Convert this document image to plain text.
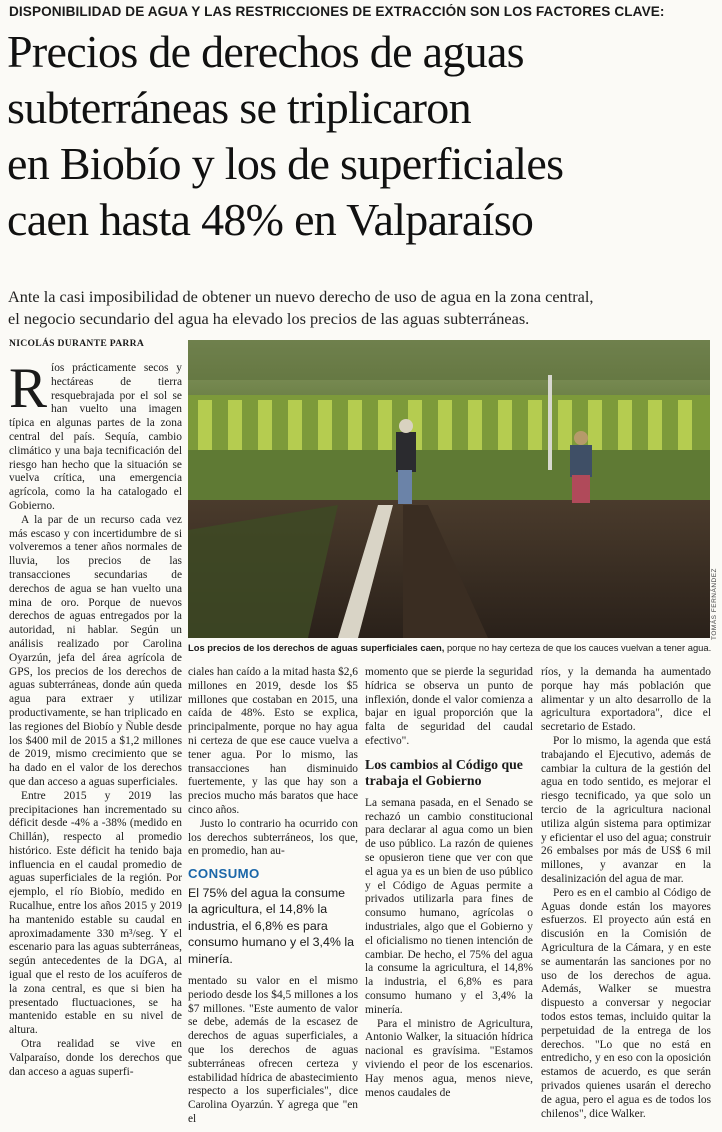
DISPONIBILIDAD DE AGUA Y LAS RESTRICCIONES DE EXTRACCIÓN SON LOS FACTORES CLAVE:
Precios de derechos de aguas
subterráneas se triplicaron
en Biobío y los de superficiales
caen hasta 48% en Valparaíso
Ante la casi imposibilidad de obtener un nuevo derecho de uso de agua en la zona central,
el negocio secundario del agua ha elevado los precios de las aguas subterráneas.
NICOLÁS DURANTE PARRA
TOMÁS FERNÁNDEZ
Los precios de los derechos de aguas superficiales caen, porque no hay certeza de que los cauces vuelvan a tener agua.
R íos prácticamente secos y hectáreas de tierra resquebrajada por el sol se han vuelto una imagen típica en algunas partes de la zona central del país. Sequía, cambio climático y una baja tecnificación del riesgo han hecho que la situación se vuelva crítica, una emergencia agrícola, como la ha catalogado el Gobierno.

A la par de un recurso cada vez más escaso y con incertidumbre de si volveremos a tener años normales de lluvia, los precios de las transacciones secundarias de derechos de agua se han vuelto una mina de oro. Porque de nuevos derechos de aguas entregados por la autoridad, ni hablar. Según un análisis realizado por Carolina Oyarzún, jefa del área agrícola de GPS, los precios de los derechos de aguas subterráneas, donde aún queda agua para extraer y utilizar productivamente, se han triplicado en las regiones del Biobío y Ñuble desde los $400 mil de 2015 a $1,2 millones de 2019, mismo crecimiento que se ha dado en el valor de los derechos que dan acceso a aguas superficiales.

Entre 2015 y 2019 las precipitaciones han incrementado su déficit desde -4% a -38% (medido en Chillán), respecto al promedio histórico. Este déficit ha tenido baja influencia en el caudal promedio de aguas superficiales de la región. Por ejemplo, el río Biobío, medido en Rucalhue, entre los años 2015 y 2019 ha mantenido estable su caudal en aproximadamente 330 m³/seg. Y el escenario para las aguas subterráneas, según antecedentes de la DGA, al igual que el resto de los acuíferos de la zona central, es que si bien ha presentado fluctuaciones, se ha mantenido estable en su nivel de altura.

Otra realidad se vive en Valparaíso, donde los derechos que dan acceso a aguas superfi-

ciales han caído a la mitad hasta $2,6 millones en 2019, desde los $5 millones que costaban en 2015, una caída de 48%. Esto se explica, principalmente, porque no hay agua ni certeza de que ese cauce vuelva a tener agua. Por lo mismo, las transacciones han disminuido fuertemente, y las que hay son a precios mucho más baratos que hace cinco años.

Justo lo contrario ha ocurrido con los derechos subterráneos, los que, en promedio, han au-

CONSUMO
El 75% del agua la consume la agricultura, el 14,8% la industria, el 6,8% es para consumo humano y el 3,4% la minería.

mentado su valor en el mismo periodo desde los $4,5 millones a los $7 millones. "Este aumento de valor se debe, además de la escasez de derechos de aguas superficiales, a que los derechos de aguas subterráneas ofrecen certeza y estabilidad hídrica de abastecimiento respecto a los superficiales", dice Carolina Oyarzún. Y agrega que "en el

momento que se pierde la seguridad hídrica se observa un punto de inflexión, donde el valor comienza a bajar en igual proporción que la falta de seguridad del caudal efectivo".

Los cambios al Código que trabaja el Gobierno

La semana pasada, en el Senado se rechazó un cambio constitucional para declarar al agua como un bien de uso público. La razón de quienes se opusieron tiene que ver con que el agua ya es un bien de uso público y el Código de Aguas permite a privados utilizarla para fines de consumo humano, agrícolas o industriales, algo que el Gobierno y el oficialismo no tienen intención de cambiar. De hecho, el 75% del agua la consume la agricultura, el 14,8% la industria, el 6,8% es para consumo humano y el 3,4% la minería.

Para el ministro de Agricultura, Antonio Walker, la situación hídrica nacional es gravísima. "Estamos viviendo el peor de los escenarios. Hay menos agua, menos nieve, menos caudales de

ríos, y la demanda ha aumentado porque hay más población que alimentar y un alto desarrollo de la agricultura exportadora", dice el secretario de Estado.

Por lo mismo, la agenda que está trabajando el Ejecutivo, además de cambiar la cultura de la gestión del agua en todo sentido, es mejorar el riesgo tecnificado, ya que solo un tercio de la agricultura nacional utiliza algún sistema para optimizar y eficientar el uso del agua; construir 26 embalses por más de US$ 6 mil millones, y avanzar en la desalinización del agua de mar.

Pero es en el cambio al Código de Aguas donde están los mayores esfuerzos. El proyecto aún está en discusión en la Comisión de Agricultura de la Cámara, y en este se aumentarán las sanciones por no uso de los derechos de agua. Además, Walker se muestra dispuesto a conversar y negociar todos estos temas, incluido quitar la perpetuidad de la entrega de los derechos. "Lo que no está en entredicho, y en eso con la oposición estamos de acuerdo, es que serán privados quienes usarán el derecho de agua, pero el agua es de todos los chilenos", dice Walker.
